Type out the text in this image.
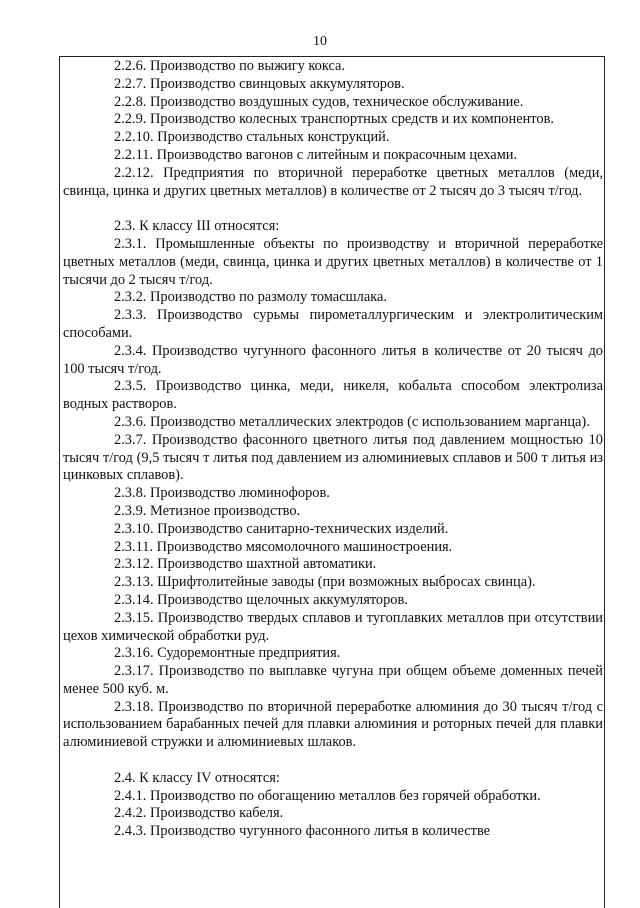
10

2.2.6. Производство по выжигу кокса.

2.2.7. Производство свинцовых аккумуляторов.

2.2.8. Производство воздушных судов, техническое обслуживание.

2.2.9. Производство колесных транспортных средств и их компонентов.

2.2.10. Производство стальных конструкций.

2.2.11. Производство вагонов с литейным и покрасочным цехами.

2.2.12. Предприятия по вторичной переработке цветных металлов (меди, свинца, цинка и других цветных металлов) в количестве от 2 тысяч до 3 тысяч т/год.

2.3. К классу III относятся:

2.3.1. Промышленные объекты по производству и вторичной переработке цветных металлов (меди, свинца, цинка и других цветных металлов) в количестве от 1 тысячи до 2 тысяч т/год.

2.3.2. Производство по размолу томасшлака.

2.3.3. Производство сурьмы пирометаллургическим и электролитическим способами.

2.3.4. Производство чугунного фасонного литья в количестве от 20 тысяч до 100 тысяч т/год.

2.3.5. Производство цинка, меди, никеля, кобальта способом электролиза водных растворов.

2.3.6. Производство металлических электродов (с использованием марганца).

2.3.7. Производство фасонного цветного литья под давлением мощностью 10 тысяч т/год (9,5 тысяч т литья под давлением из алюминиевых сплавов и 500 т литья из цинковых сплавов).

2.3.8. Производство люминофоров.

2.3.9. Метизное производство.

2.3.10. Производство санитарно-технических изделий.

2.3.11. Производство мясомолочного машиностроения.

2.3.12. Производство шахтной автоматики.

2.3.13. Шрифтолитейные заводы (при возможных выбросах свинца).

2.3.14. Производство щелочных аккумуляторов.

2.3.15. Производство твердых сплавов и тугоплавких металлов при отсутствии цехов химической обработки руд.

2.3.16. Судоремонтные предприятия.

2.3.17. Производство по выплавке чугуна при общем объеме доменных печей менее 500 куб. м.

2.3.18. Производство по вторичной переработке алюминия до 30 тысяч т/год с использованием барабанных печей для плавки алюминия и роторных печей для плавки алюминиевой стружки и алюминиевых шлаков.

2.4. К классу IV относятся:

2.4.1. Производство по обогащению металлов без горячей обработки.

2.4.2. Производство кабеля.

2.4.3. Производство чугунного фасонного литья в количестве
